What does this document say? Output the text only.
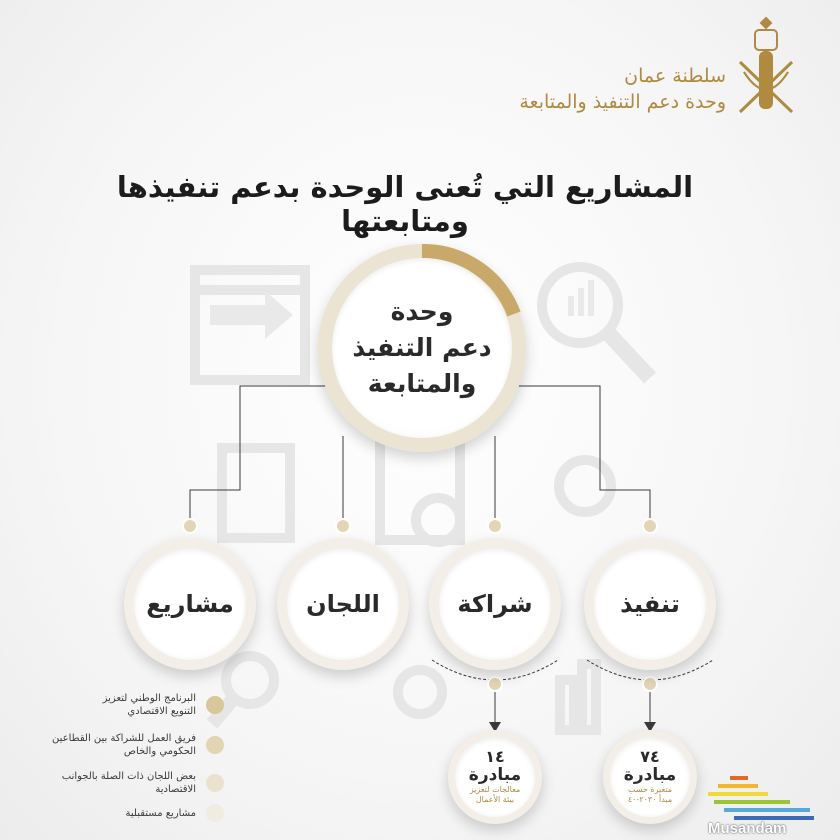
سلطنة عمان
وحدة دعم التنفيذ والمتابعة
المشاريع التي تُعنى الوحدة بدعم تنفيذها ومتابعتها
وحدة
دعم التنفيذ
والمتابعة
تنفيذ
شراكة
اللجان
مشاريع
٧٤
مبادرة
متغيرة حسب
مبدأ ٢٠٣٠-٤٠
١٤
مبادرة
معالجات لتعزيز
بيئة الأعمال
البرنامج الوطني لتعزيز
التنويع الاقتصادي
فريق العمل للشراكة بين القطاعين
الحكومي والخاص
بعض اللجان ذات الصلة بالجوانب
الاقتصادية
مشاريع مستقبلية
Musandam
